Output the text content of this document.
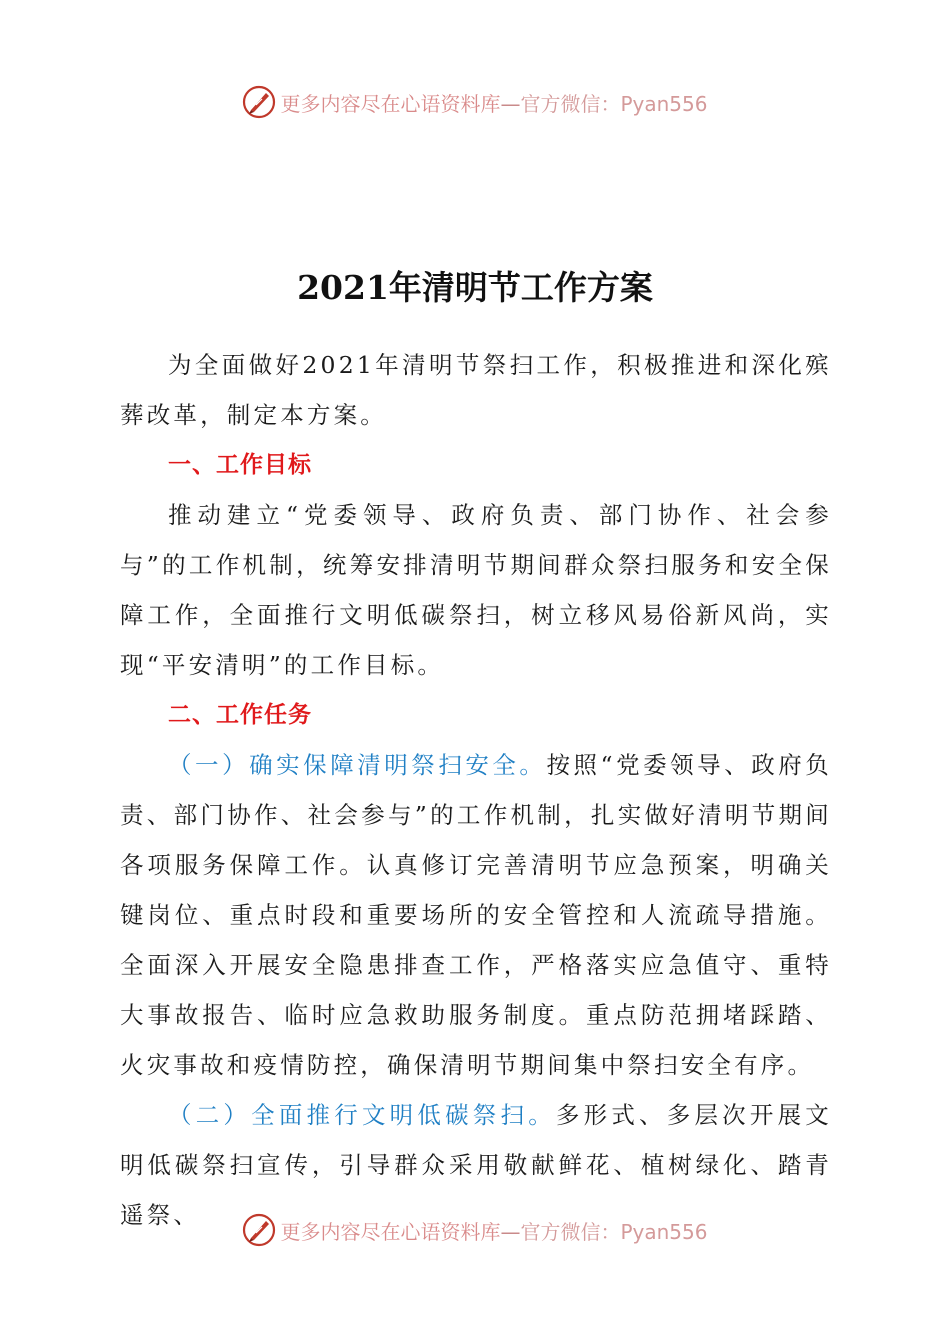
更多内容尽在心语资料库—官方微信：Pyan556
2021年清明节工作方案

为全面做好2021年清明节祭扫工作，积极推进和深化殡葬改革，制定本方案。

一、工作目标

推动建立“党委领导、政府负责、部门协作、社会参与”的工作机制，统筹安排清明节期间群众祭扫服务和安全保障工作，全面推行文明低碳祭扫，树立移风易俗新风尚，实现“平安清明”的工作目标。

二、工作任务

（一）确实保障清明祭扫安全。按照“党委领导、政府负责、部门协作、社会参与”的工作机制，扎实做好清明节期间各项服务保障工作。认真修订完善清明节应急预案，明确关键岗位、重点时段和重要场所的安全管控和人流疏导措施。全面深入开展安全隐患排查工作，严格落实应急值守、重特大事故报告、临时应急救助服务制度。重点防范拥堵踩踏、火灾事故和疫情防控，确保清明节期间集中祭扫安全有序。

（二）全面推行文明低碳祭扫。多形式、多层次开展文明低碳祭扫宣传，引导群众采用敬献鲜花、植树绿化、踏青遥祭、

更多内容尽在心语资料库—官方微信：Pyan556
